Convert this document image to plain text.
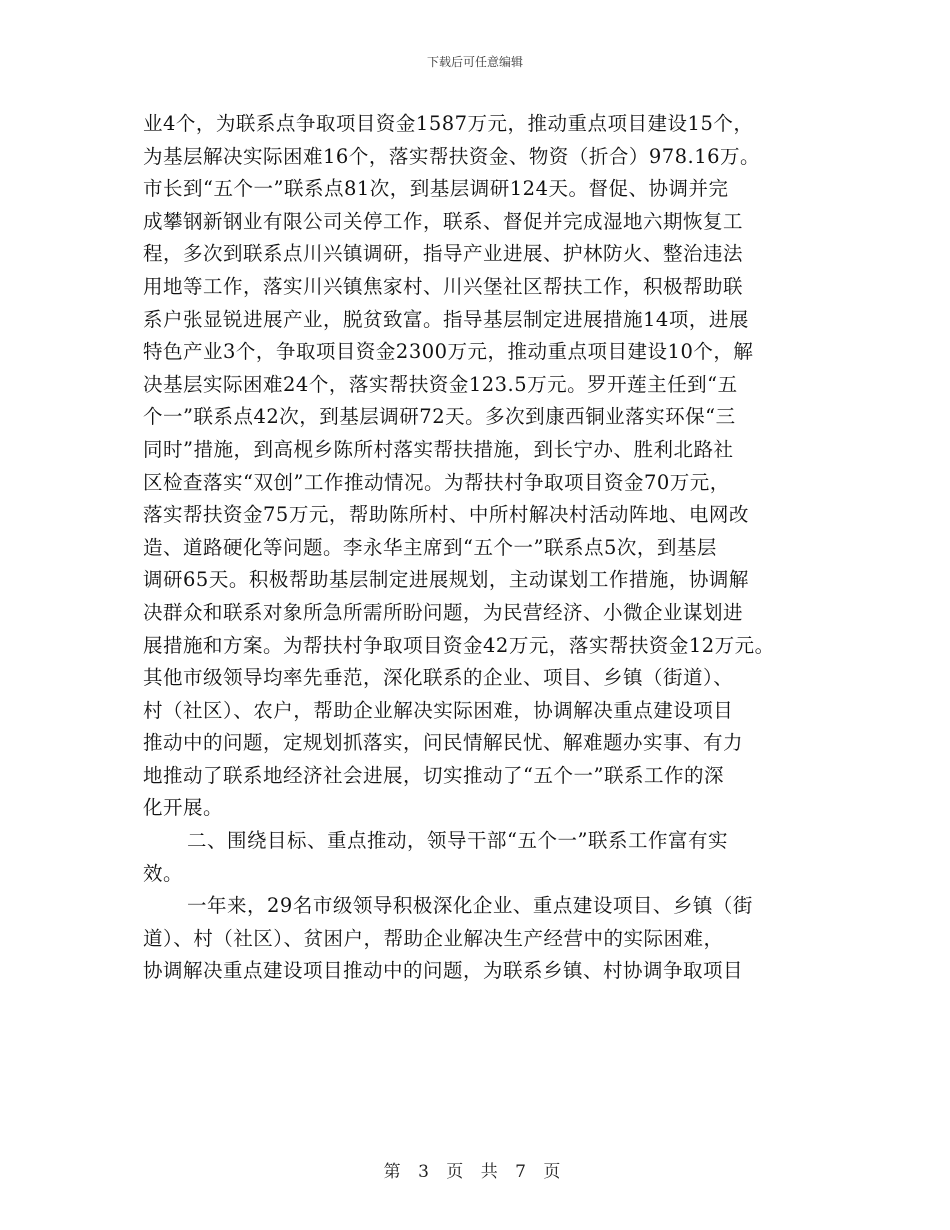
下载后可任意编辑
业4个，为联系点争取项目资金1587万元，推动重点项目建设15个，
为基层解决实际困难16个，落实帮扶资金、物资（折合）978.16万。
市长到“五个一”联系点81次，到基层调研124天。督促、协调并完
成攀钢新钢业有限公司关停工作，联系、督促并完成湿地六期恢复工
程，多次到联系点川兴镇调研，指导产业进展、护林防火、整治违法
用地等工作，落实川兴镇焦家村、川兴堡社区帮扶工作，积极帮助联
系户张显锐进展产业，脱贫致富。指导基层制定进展措施14项，进展
特色产业3个，争取项目资金2300万元，推动重点项目建设10个，解
决基层实际困难24个，落实帮扶资金123.5万元。罗开莲主任到“五
个一”联系点42次，到基层调研72天。多次到康西铜业落实环保“三
同时”措施，到高枧乡陈所村落实帮扶措施，到长宁办、胜利北路社
区检查落实“双创”工作推动情况。为帮扶村争取项目资金70万元，
落实帮扶资金75万元，帮助陈所村、中所村解决村活动阵地、电网改
造、道路硬化等问题。李永华主席到“五个一”联系点5次，到基层
调研65天。积极帮助基层制定进展规划，主动谋划工作措施，协调解
决群众和联系对象所急所需所盼问题，为民营经济、小微企业谋划进
展措施和方案。为帮扶村争取项目资金42万元，落实帮扶资金12万元。
其他市级领导均率先垂范，深化联系的企业、项目、乡镇（街道）、
村（社区）、农户，帮助企业解决实际困难，协调解决重点建设项目
推动中的问题，定规划抓落实，问民情解民忧、解难题办实事、有力
地推动了联系地经济社会进展，切实推动了“五个一”联系工作的深
化开展。
二、围绕目标、重点推动，领导干部“五个一”联系工作富有实
效。
一年来，29名市级领导积极深化企业、重点建设项目、乡镇（街
道）、村（社区）、贫困户，帮助企业解决生产经营中的实际困难，
协调解决重点建设项目推动中的问题，为联系乡镇、村协调争取项目
第 3 页 共 7 页
